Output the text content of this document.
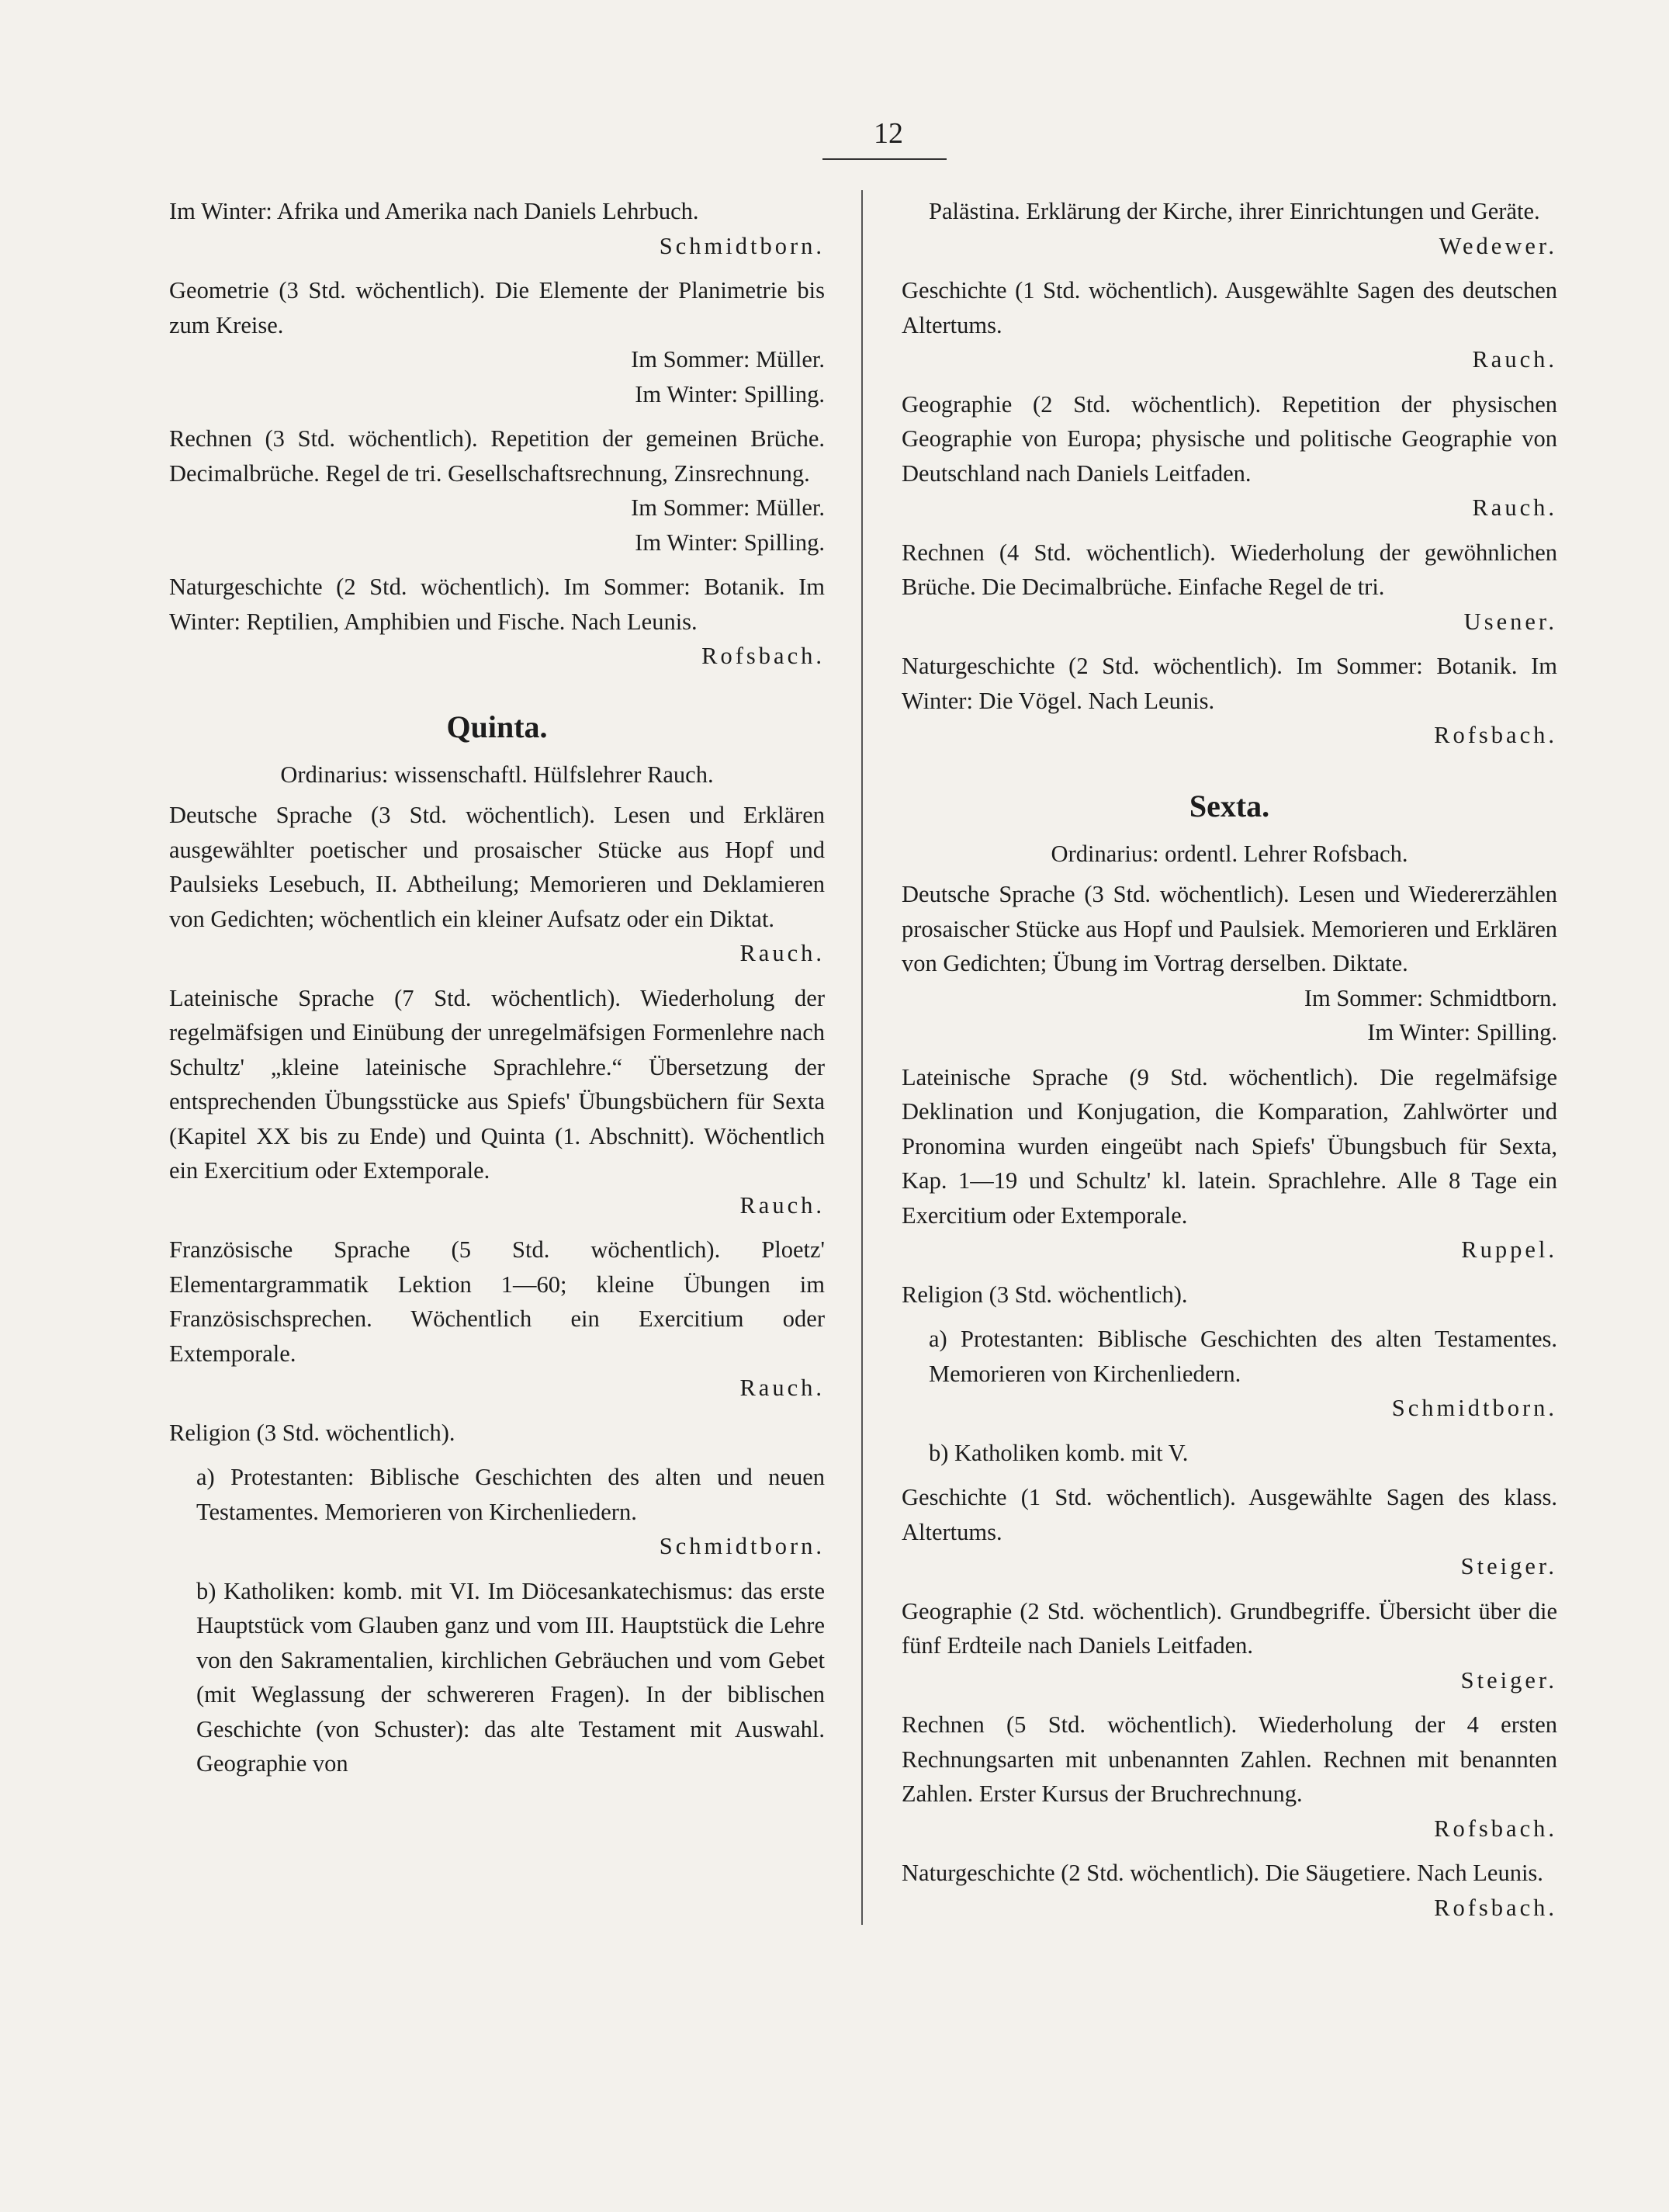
12
Im Winter: Afrika und Amerika nach Daniels Lehrbuch.
Schmidtborn.
Geometrie (3 Std. wöchentlich). Die Elemente der Planimetrie bis zum Kreise.
Im Sommer: Müller.
Im Winter: Spilling.
Rechnen (3 Std. wöchentlich). Repetition der gemeinen Brüche. Decimalbrüche. Regel de tri. Gesellschaftsrechnung, Zinsrechnung.
Im Sommer: Müller.
Im Winter: Spilling.
Naturgeschichte (2 Std. wöchentlich). Im Sommer: Botanik. Im Winter: Reptilien, Amphibien und Fische. Nach Leunis.
Rofsbach.
Quinta.
Ordinarius: wissenschaftl. Hülfslehrer Rauch.
Deutsche Sprache (3 Std. wöchentlich). Lesen und Erklären ausgewählter poetischer und prosaischer Stücke aus Hopf und Paulsieks Lesebuch, II. Abtheilung; Memorieren und Deklamieren von Gedichten; wöchentlich ein kleiner Aufsatz oder ein Diktat.
Rauch.
Lateinische Sprache (7 Std. wöchentlich). Wiederholung der regelmäfsigen und Einübung der unregelmäfsigen Formenlehre nach Schultz' „kleine lateinische Sprachlehre.“ Übersetzung der entsprechenden Übungsstücke aus Spiefs' Übungsbüchern für Sexta (Kapitel XX bis zu Ende) und Quinta (1. Abschnitt). Wöchentlich ein Exercitium oder Extemporale.
Rauch.
Französische Sprache (5 Std. wöchentlich). Ploetz' Elementargrammatik Lektion 1—60; kleine Übungen im Französischsprechen. Wöchentlich ein Exercitium oder Extemporale.
Rauch.
Religion (3 Std. wöchentlich).
a) Protestanten: Biblische Geschichten des alten und neuen Testamentes. Memorieren von Kirchenliedern.
Schmidtborn.
b) Katholiken: komb. mit VI. Im Diöcesankatechismus: das erste Hauptstück vom Glauben ganz und vom III. Hauptstück die Lehre von den Sakramentalien, kirchlichen Gebräuchen und vom Gebet (mit Weglassung der schwereren Fragen). In der biblischen Geschichte (von Schuster): das alte Testament mit Auswahl. Geographie von
Palästina. Erklärung der Kirche, ihrer Einrichtungen und Geräte.
Wedewer.
Geschichte (1 Std. wöchentlich). Ausgewählte Sagen des deutschen Altertums.
Rauch.
Geographie (2 Std. wöchentlich). Repetition der physischen Geographie von Europa; physische und politische Geographie von Deutschland nach Daniels Leitfaden.
Rauch.
Rechnen (4 Std. wöchentlich). Wiederholung der gewöhnlichen Brüche. Die Decimalbrüche. Einfache Regel de tri.
Usener.
Naturgeschichte (2 Std. wöchentlich). Im Sommer: Botanik. Im Winter: Die Vögel. Nach Leunis.
Rofsbach.
Sexta.
Ordinarius: ordentl. Lehrer Rofsbach.
Deutsche Sprache (3 Std. wöchentlich). Lesen und Wiedererzählen prosaischer Stücke aus Hopf und Paulsiek. Memorieren und Erklären von Gedichten; Übung im Vortrag derselben. Diktate.
Im Sommer: Schmidtborn.
Im Winter: Spilling.
Lateinische Sprache (9 Std. wöchentlich). Die regelmäfsige Deklination und Konjugation, die Komparation, Zahlwörter und Pronomina wurden eingeübt nach Spiefs' Übungsbuch für Sexta, Kap. 1—19 und Schultz' kl. latein. Sprachlehre. Alle 8 Tage ein Exercitium oder Extemporale.
Ruppel.
Religion (3 Std. wöchentlich).
a) Protestanten: Biblische Geschichten des alten Testamentes. Memorieren von Kirchenliedern.
Schmidtborn.
b) Katholiken komb. mit V.
Geschichte (1 Std. wöchentlich). Ausgewählte Sagen des klass. Altertums.
Steiger.
Geographie (2 Std. wöchentlich). Grundbegriffe. Übersicht über die fünf Erdteile nach Daniels Leitfaden.
Steiger.
Rechnen (5 Std. wöchentlich). Wiederholung der 4 ersten Rechnungsarten mit unbenannten Zahlen. Rechnen mit benannten Zahlen. Erster Kursus der Bruchrechnung.
Rofsbach.
Naturgeschichte (2 Std. wöchentlich). Die Säugetiere. Nach Leunis.
Rofsbach.
